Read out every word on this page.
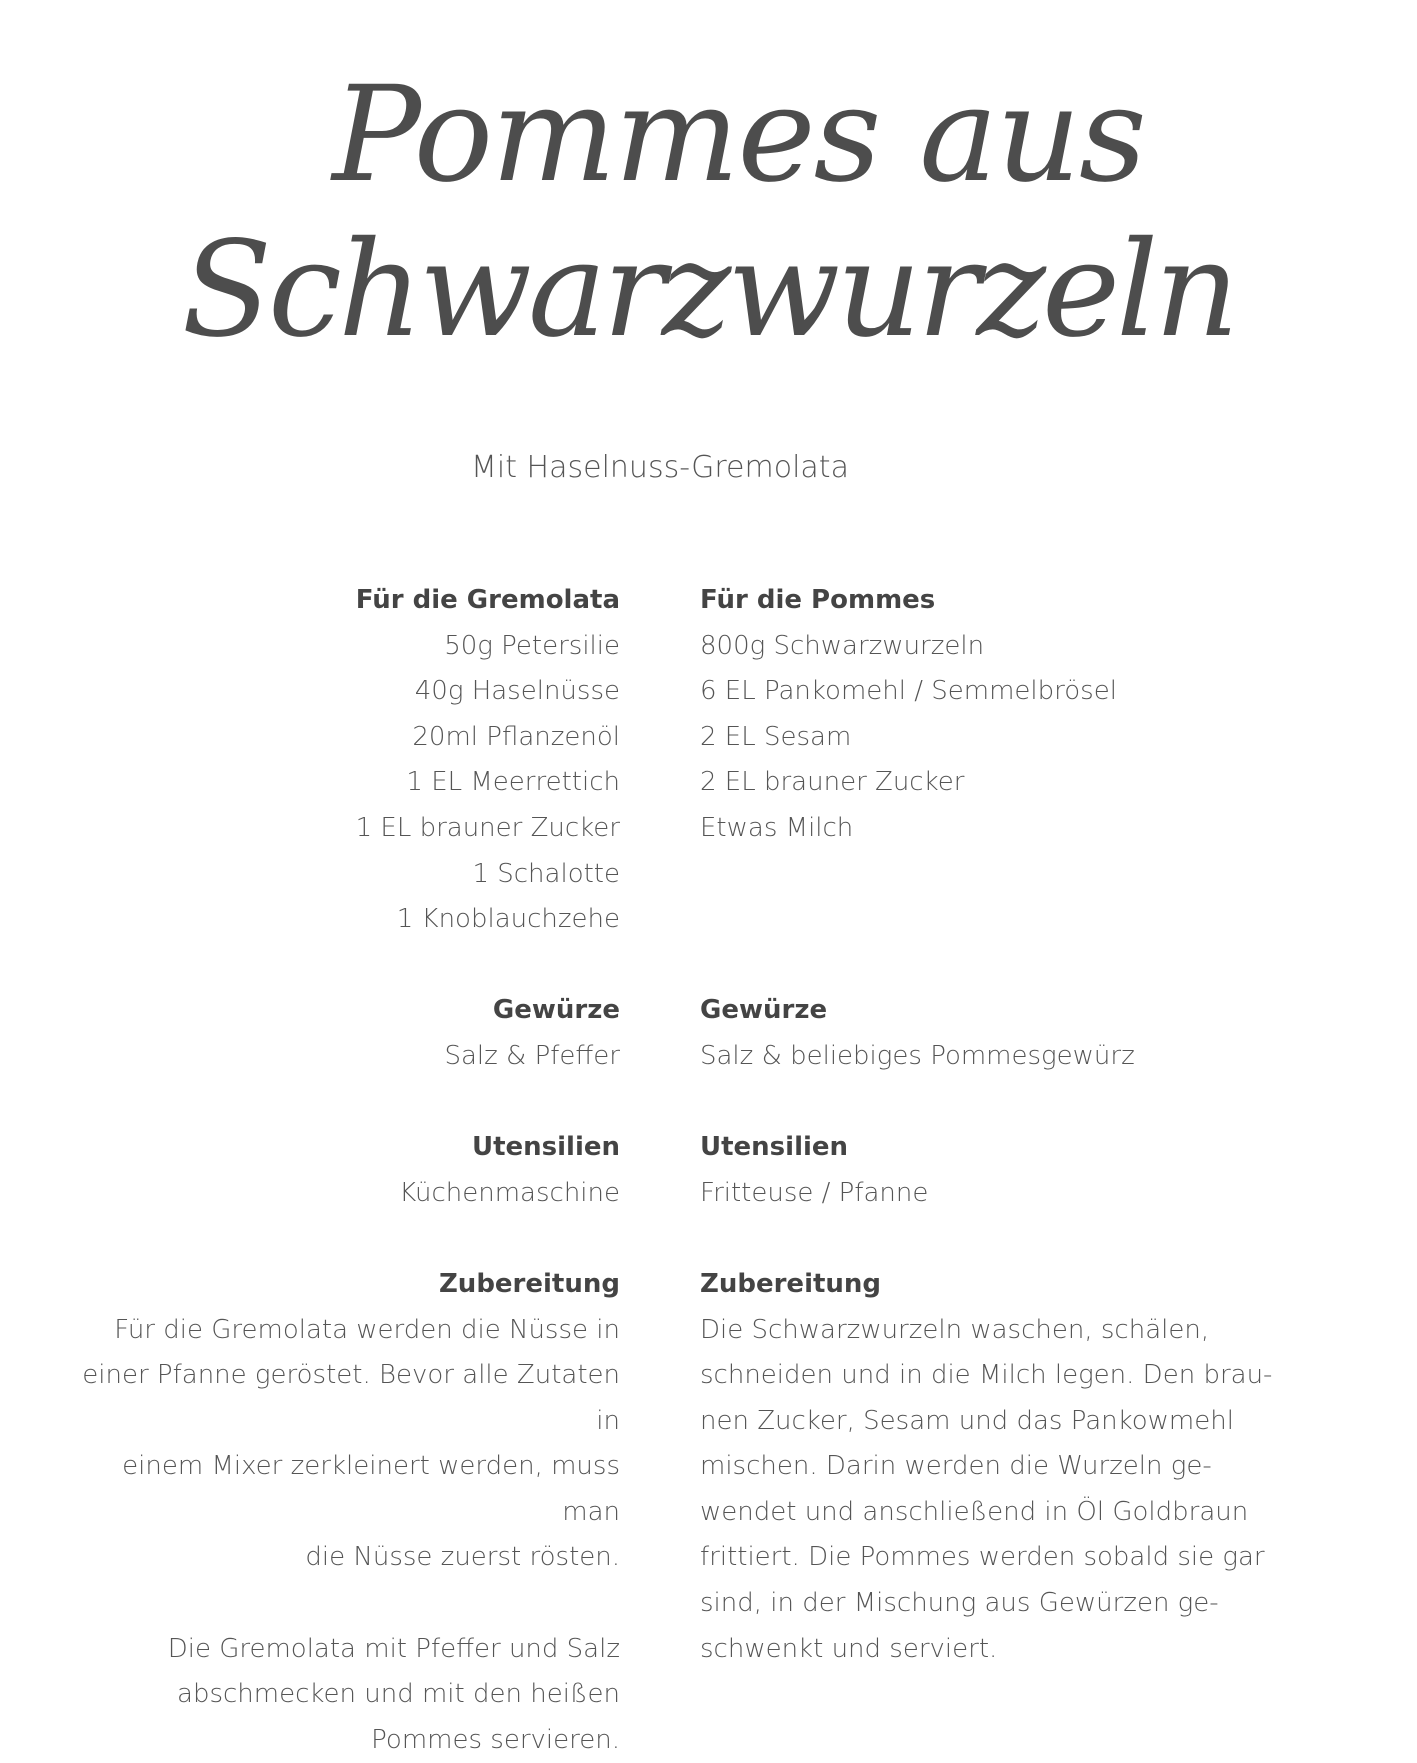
Pommes aus
Schwarzwurzeln
Mit Haselnuss-Gremolata

Für die Gremolata

50g Petersilie

40g Haselnüsse

20ml Pflanzenöl

1 EL Meerrettich

1 EL brauner Zucker

1 Schalotte

1 Knoblauchzehe

Gewürze

Salz & Pfeffer

Utensilien

Küchenmaschine

Zubereitung

Für die Gremolata werden die Nüsse in

einer Pfanne geröstet. Bevor alle Zutaten in

einem Mixer zerkleinert werden, muss man

die Nüsse zuerst rösten.

Die Gremolata mit Pfeffer und Salz

abschmecken und mit den heißen

Pommes servieren.

Für die Pommes

800g Schwarzwurzeln

6 EL Pankomehl / Semmelbrösel

2 EL Sesam

2 EL brauner Zucker

Etwas Milch

Gewürze

Salz & beliebiges Pommesgewürz

Utensilien

Fritteuse / Pfanne

Zubereitung

Die Schwarzwurzeln waschen, schälen,

schneiden und in die Milch legen. Den brau-

nen Zucker, Sesam und das Pankowmehl

mischen. Darin werden die Wurzeln ge-

wendet und anschließend in Öl Goldbraun

frittiert. Die Pommes werden sobald sie gar

sind, in der Mischung aus Gewürzen ge-

schwenkt und serviert.
